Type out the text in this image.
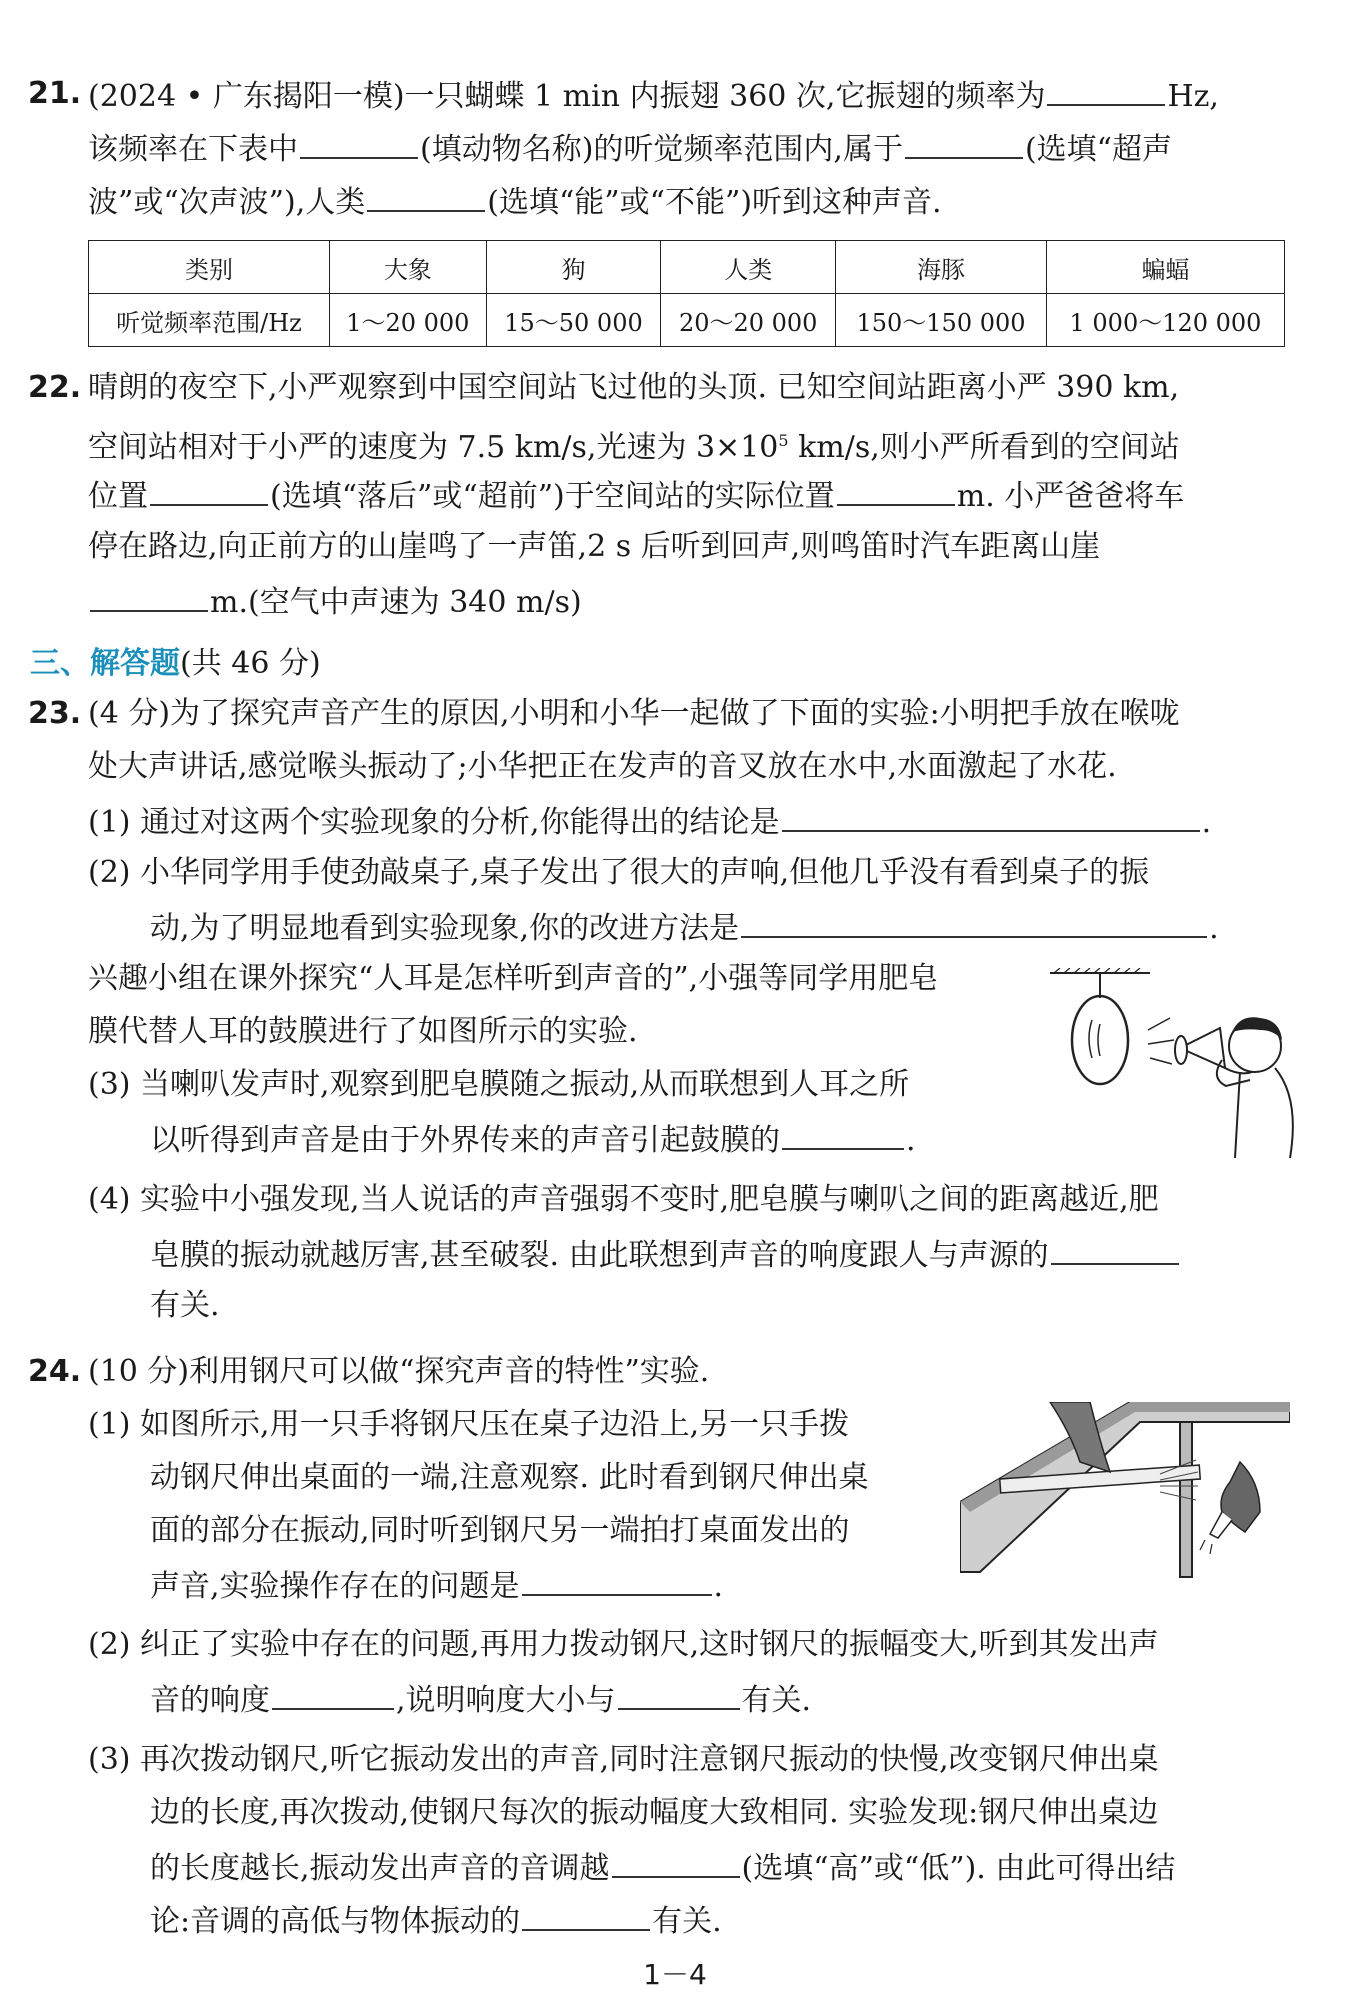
21. (2024 • 广东揭阳一模)一只蝴蝶 1 min 内振翅 360 次,它振翅的频率为	Hz,
该频率在下表中	(填动物名称)的听觉频率范围内,属于	(选填“超声
波”或“次声波”),人类	(选填“能”或“不能”)听到这种声音.
类别	大象	狗	人类	海豚	蝙蝠
听觉频率范围/Hz	1～20 000	15～50 000	20～20 000	150～150 000	1 000～120 000
22. 晴朗的夜空下,小严观察到中国空间站飞过他的头顶. 已知空间站距离小严 390 km,
空间站相对于小严的速度为 7.5 km/s,光速为 $3\times 10^5$ km/s,则小严所看到的空间站
位置	(选填“落后”或“超前”)于空间站的实际位置	m. 小严爸爸将车
停在路边,向正前方的山崖鸣了一声笛,2 s 后听到回声,则鸣笛时汽车距离山崖
m.(空气中声速为 340 m/s)
三、解答题(共 46 分)
23. (4 分)为了探究声音产生的原因,小明和小华一起做了下面的实验:小明把手放在喉咙
处大声讲话,感觉喉头振动了;小华把正在发声的音叉放在水中,水面激起了水花.
(1) 通过对这两个实验现象的分析,你能得出的结论是	.
(2) 小华同学用手使劲敲桌子,桌子发出了很大的声响,但他几乎没有看到桌子的振
动,为了明显地看到实验现象,你的改进方法是	.
兴趣小组在课外探究“人耳是怎样听到声音的”,小强等同学用肥皂
膜代替人耳的鼓膜进行了如图所示的实验.
(3) 当喇叭发声时,观察到肥皂膜随之振动,从而联想到人耳之所
以听得到声音是由于外界传来的声音引起鼓膜的	.
(4) 实验中小强发现,当人说话的声音强弱不变时,肥皂膜与喇叭之间的距离越近,肥
皂膜的振动就越厉害,甚至破裂. 由此联想到声音的响度跟人与声源的
有关.
24. (10 分)利用钢尺可以做“探究声音的特性”实验.
(1) 如图所示,用一只手将钢尺压在桌子边沿上,另一只手拨
动钢尺伸出桌面的一端,注意观察. 此时看到钢尺伸出桌
面的部分在振动,同时听到钢尺另一端拍打桌面发出的
声音,实验操作存在的问题是	.
(2) 纠正了实验中存在的问题,再用力拨动钢尺,这时钢尺的振幅变大,听到其发出声
音的响度	,说明响度大小与	有关.
(3) 再次拨动钢尺,听它振动发出的声音,同时注意钢尺振动的快慢,改变钢尺伸出桌
边的长度,再次拨动,使钢尺每次的振动幅度大致相同. 实验发现:钢尺伸出桌边
的长度越长,振动发出声音的音调越	(选填“高”或“低”). 由此可得出结
论:音调的高低与物体振动的	有关.
1－4
